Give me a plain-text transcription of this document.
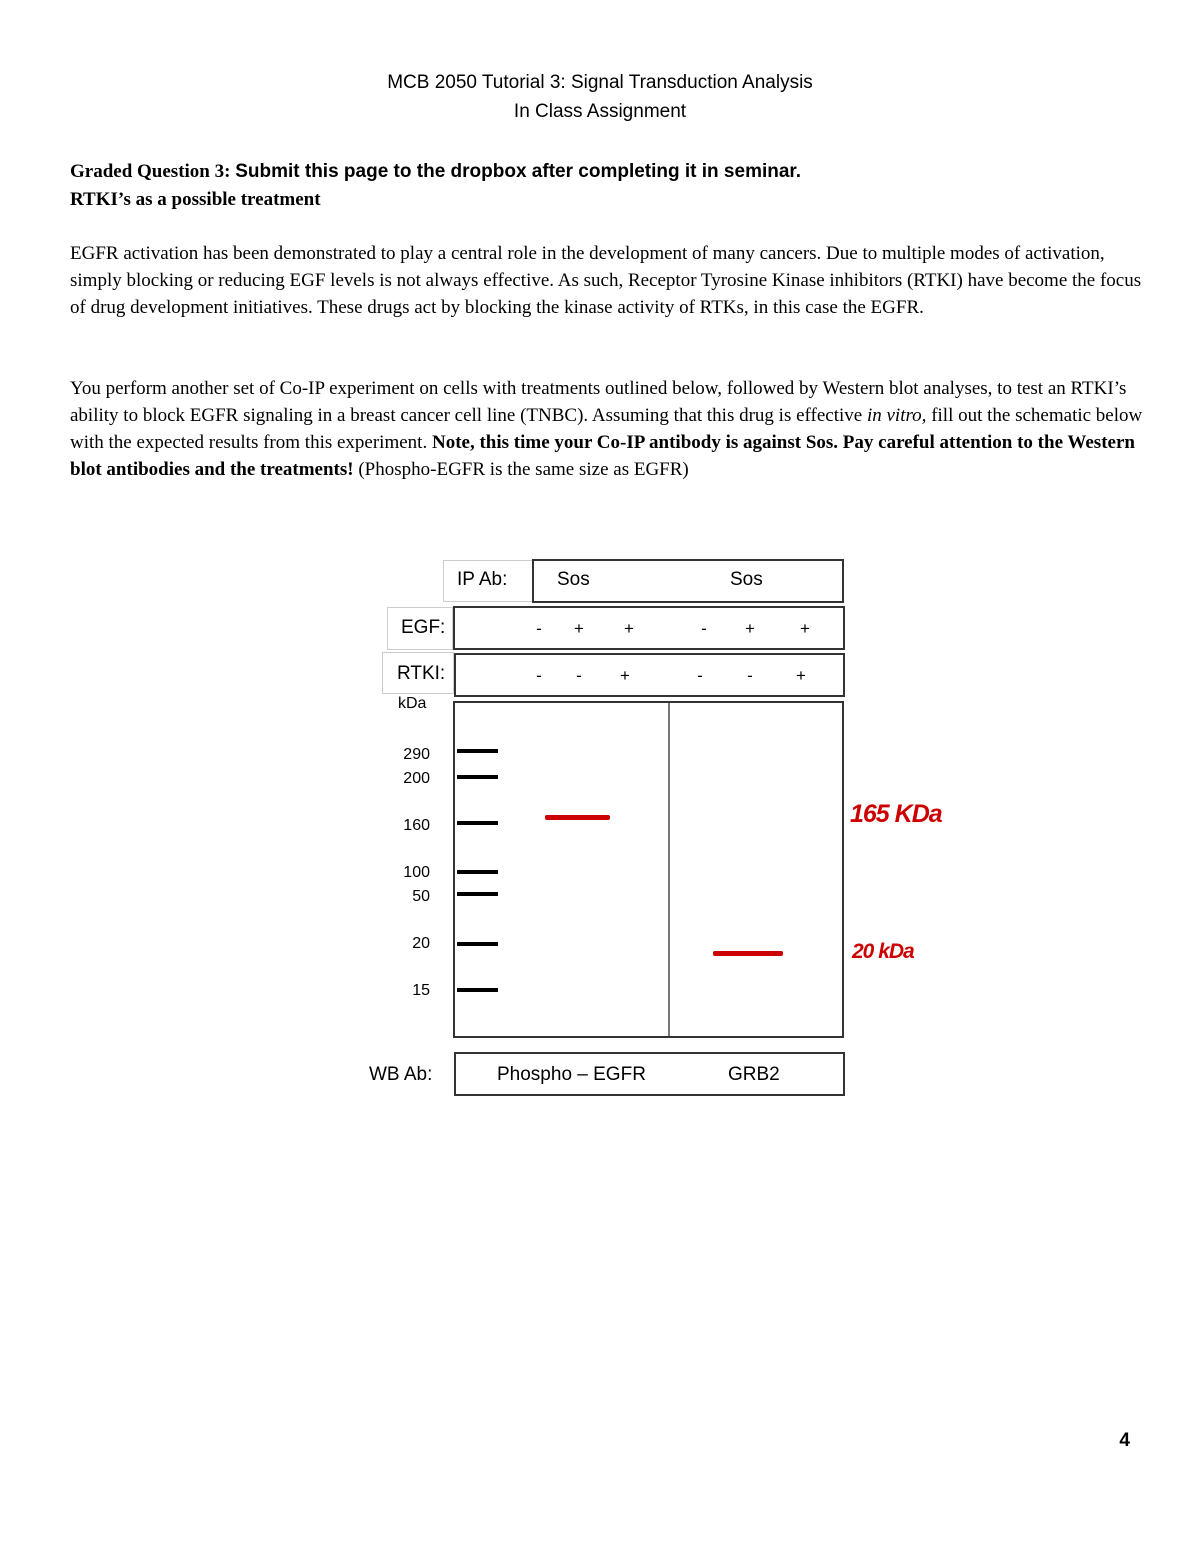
MCB 2050 Tutorial 3: Signal Transduction Analysis
In Class Assignment
Graded Question 3: Submit this page to the dropbox after completing it in seminar.
RTKI’s as a possible treatment

EGFR activation has been demonstrated to play a central role in the development of many cancers. Due to multiple modes of activation, simply blocking or reducing EGF levels is not always effective. As such, Receptor Tyrosine Kinase inhibitors (RTKI) have become the focus of drug development initiatives. These drugs act by blocking the kinase activity of RTKs, in this case the EGFR.

You perform another set of Co-IP experiment on cells with treatments outlined below, followed by Western blot analyses, to test an RTKI’s ability to block EGFR signaling in a breast cancer cell line (TNBC). Assuming that this drug is effective in vitro, fill out the schematic below with the expected results from this experiment. Note, this time your Co-IP antibody is against Sos. Pay careful attention to the Western blot antibodies and the treatments! (Phospho-EGFR is the same size as EGFR)

IP Ab:	Sos	Sos
EGF:	-	+	+	-	+	+
RTKI:	-	-	+	-	-	+
kDa
290
200
160
100
50
20
15
165 KDa
20 kDa
WB Ab:	Phospho – EGFR	GRB2
4
